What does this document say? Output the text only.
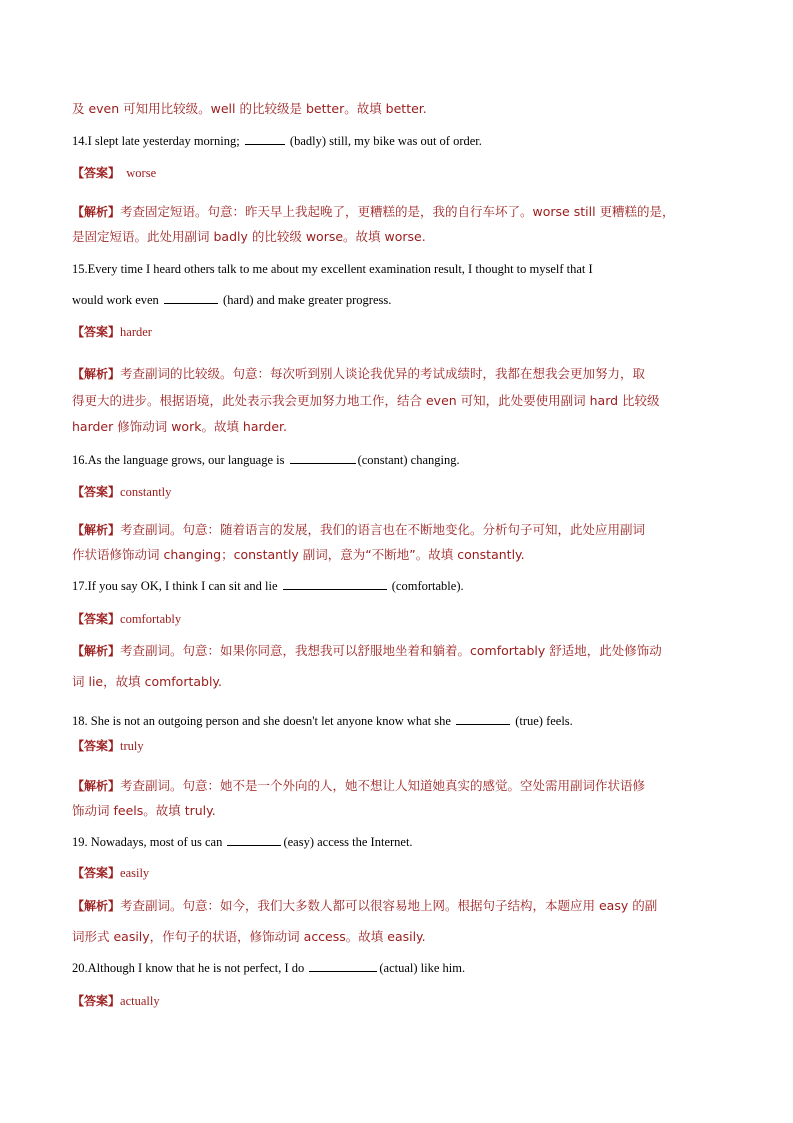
及 even 可知用比较级。well 的比较级是 better。故填 better.
14.I slept late yesterday morning;	(badly) still, my bike was out of order.
【答案】  worse
【解析】考查固定短语。句意：昨天早上我起晚了，更糟糕的是，我的自行车坏了。worse still 更糟糕的是，
是固定短语。此处用副词 badly 的比较级 worse。故填 worse.
15.Every time I heard others talk to me about my excellent examination result, I thought to myself that I
would work even	(hard) and make greater progress.
【答案】harder
【解析】考查副词的比较级。句意：每次听到别人谈论我优异的考试成绩时，我都在想我会更加努力，取
得更大的进步。根据语境，此处表示我会更加努力地工作，结合 even 可知，此处要使用副词 hard 比较级
harder 修饰动词 work。故填 harder.
16.As the language grows, our language is	(constant) changing.
【答案】constantly
【解析】考查副词。句意：随着语言的发展，我们的语言也在不断地变化。分析句子可知，此处应用副词
作状语修饰动词 changing；constantly 副词，意为“不断地”。故填 constantly.
17.If you say OK, I think I can sit and lie	(comfortable).
【答案】comfortably
【解析】考查副词。句意：如果你同意，我想我可以舒服地坐着和躺着。comfortably 舒适地，此处修饰动
词 lie，故填 comfortably.
18. She is not an outgoing person and she doesn't let anyone know what she	(true) feels.
【答案】truly
【解析】考查副词。句意：她不是一个外向的人，她不想让人知道她真实的感觉。空处需用副词作状语修
饰动词 feels。故填 truly.
19. Nowadays, most of us can	(easy) access the Internet.
【答案】easily
【解析】考查副词。句意：如今，我们大多数人都可以很容易地上网。根据句子结构，本题应用 easy 的副
词形式 easily，作句子的状语，修饰动词 access。故填 easily.
20.Although I know that he is not perfect, I do	(actual) like him.
【答案】actually
